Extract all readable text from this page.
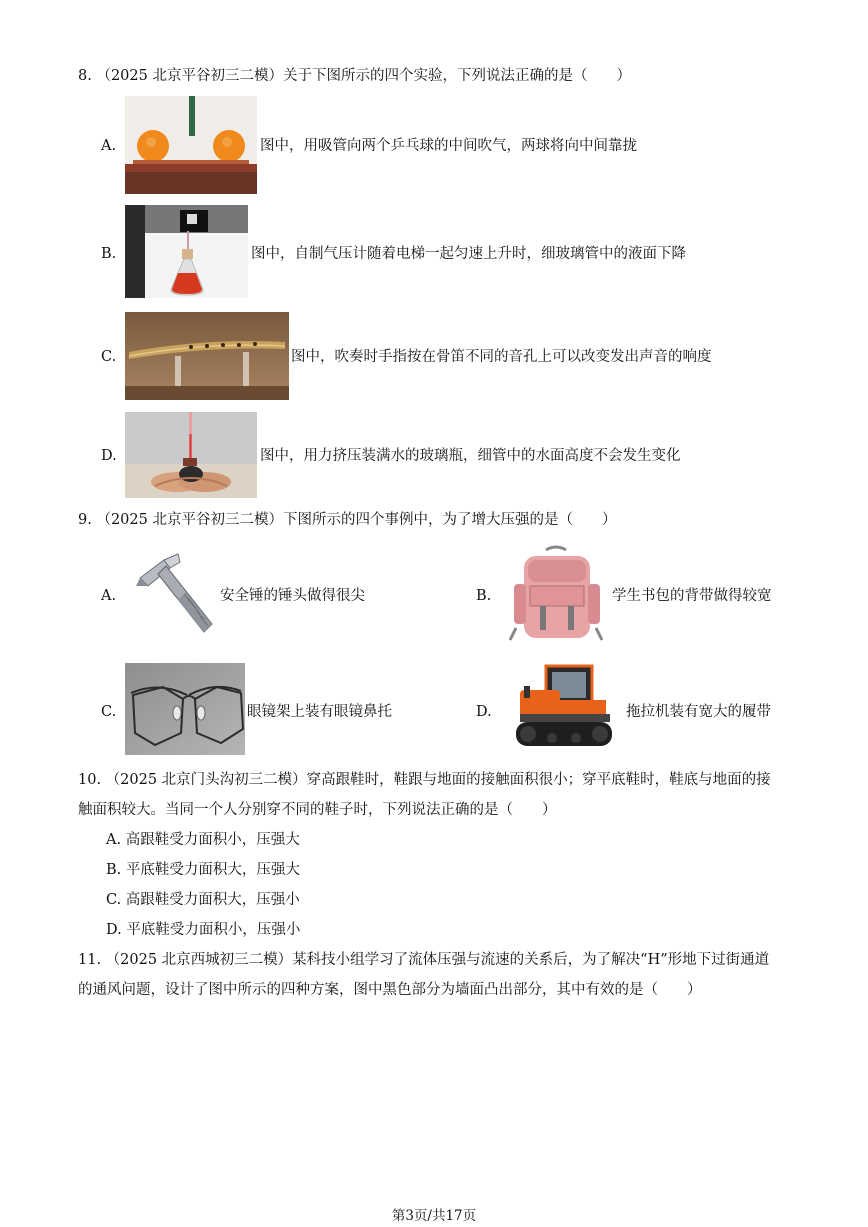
8. （2025 北京平谷初三二模）关于下图所示的四个实验，下列说法正确的是（　　）
A.	图中，用吸管向两个乒乓球的中间吹气，两球将向中间靠拢
B.	图中，自制气压计随着电梯一起匀速上升时，细玻璃管中的液面下降
C.	图中，吹奏时手指按在骨笛不同的音孔上可以改变发出声音的响度
D.	图中，用力挤压装满水的玻璃瓶，细管中的水面高度不会发生变化
9. （2025 北京平谷初三二模）下图所示的四个事例中，为了增大压强的是（　　）
A.	安全锤的锤头做得很尖	B.	学生书包的背带做得较宽
C.	眼镜架上装有眼镜鼻托	D.	拖拉机装有宽大的履带
10. （2025 北京门头沟初三二模）穿高跟鞋时，鞋跟与地面的接触面积很小；穿平底鞋时，鞋底与地面的接
触面积较大。当同一个人分别穿不同的鞋子时，下列说法正确的是（　　）
A. 高跟鞋受力面积小，压强大
B. 平底鞋受力面积大，压强大
C. 高跟鞋受力面积大，压强小
D. 平底鞋受力面积小，压强小
11. （2025 北京西城初三二模）某科技小组学习了流体压强与流速的关系后，为了解决“H”形地下过街通道
的通风问题，设计了图中所示的四种方案，图中黑色部分为墙面凸出部分，其中有效的是（　　）
第3页/共17页
